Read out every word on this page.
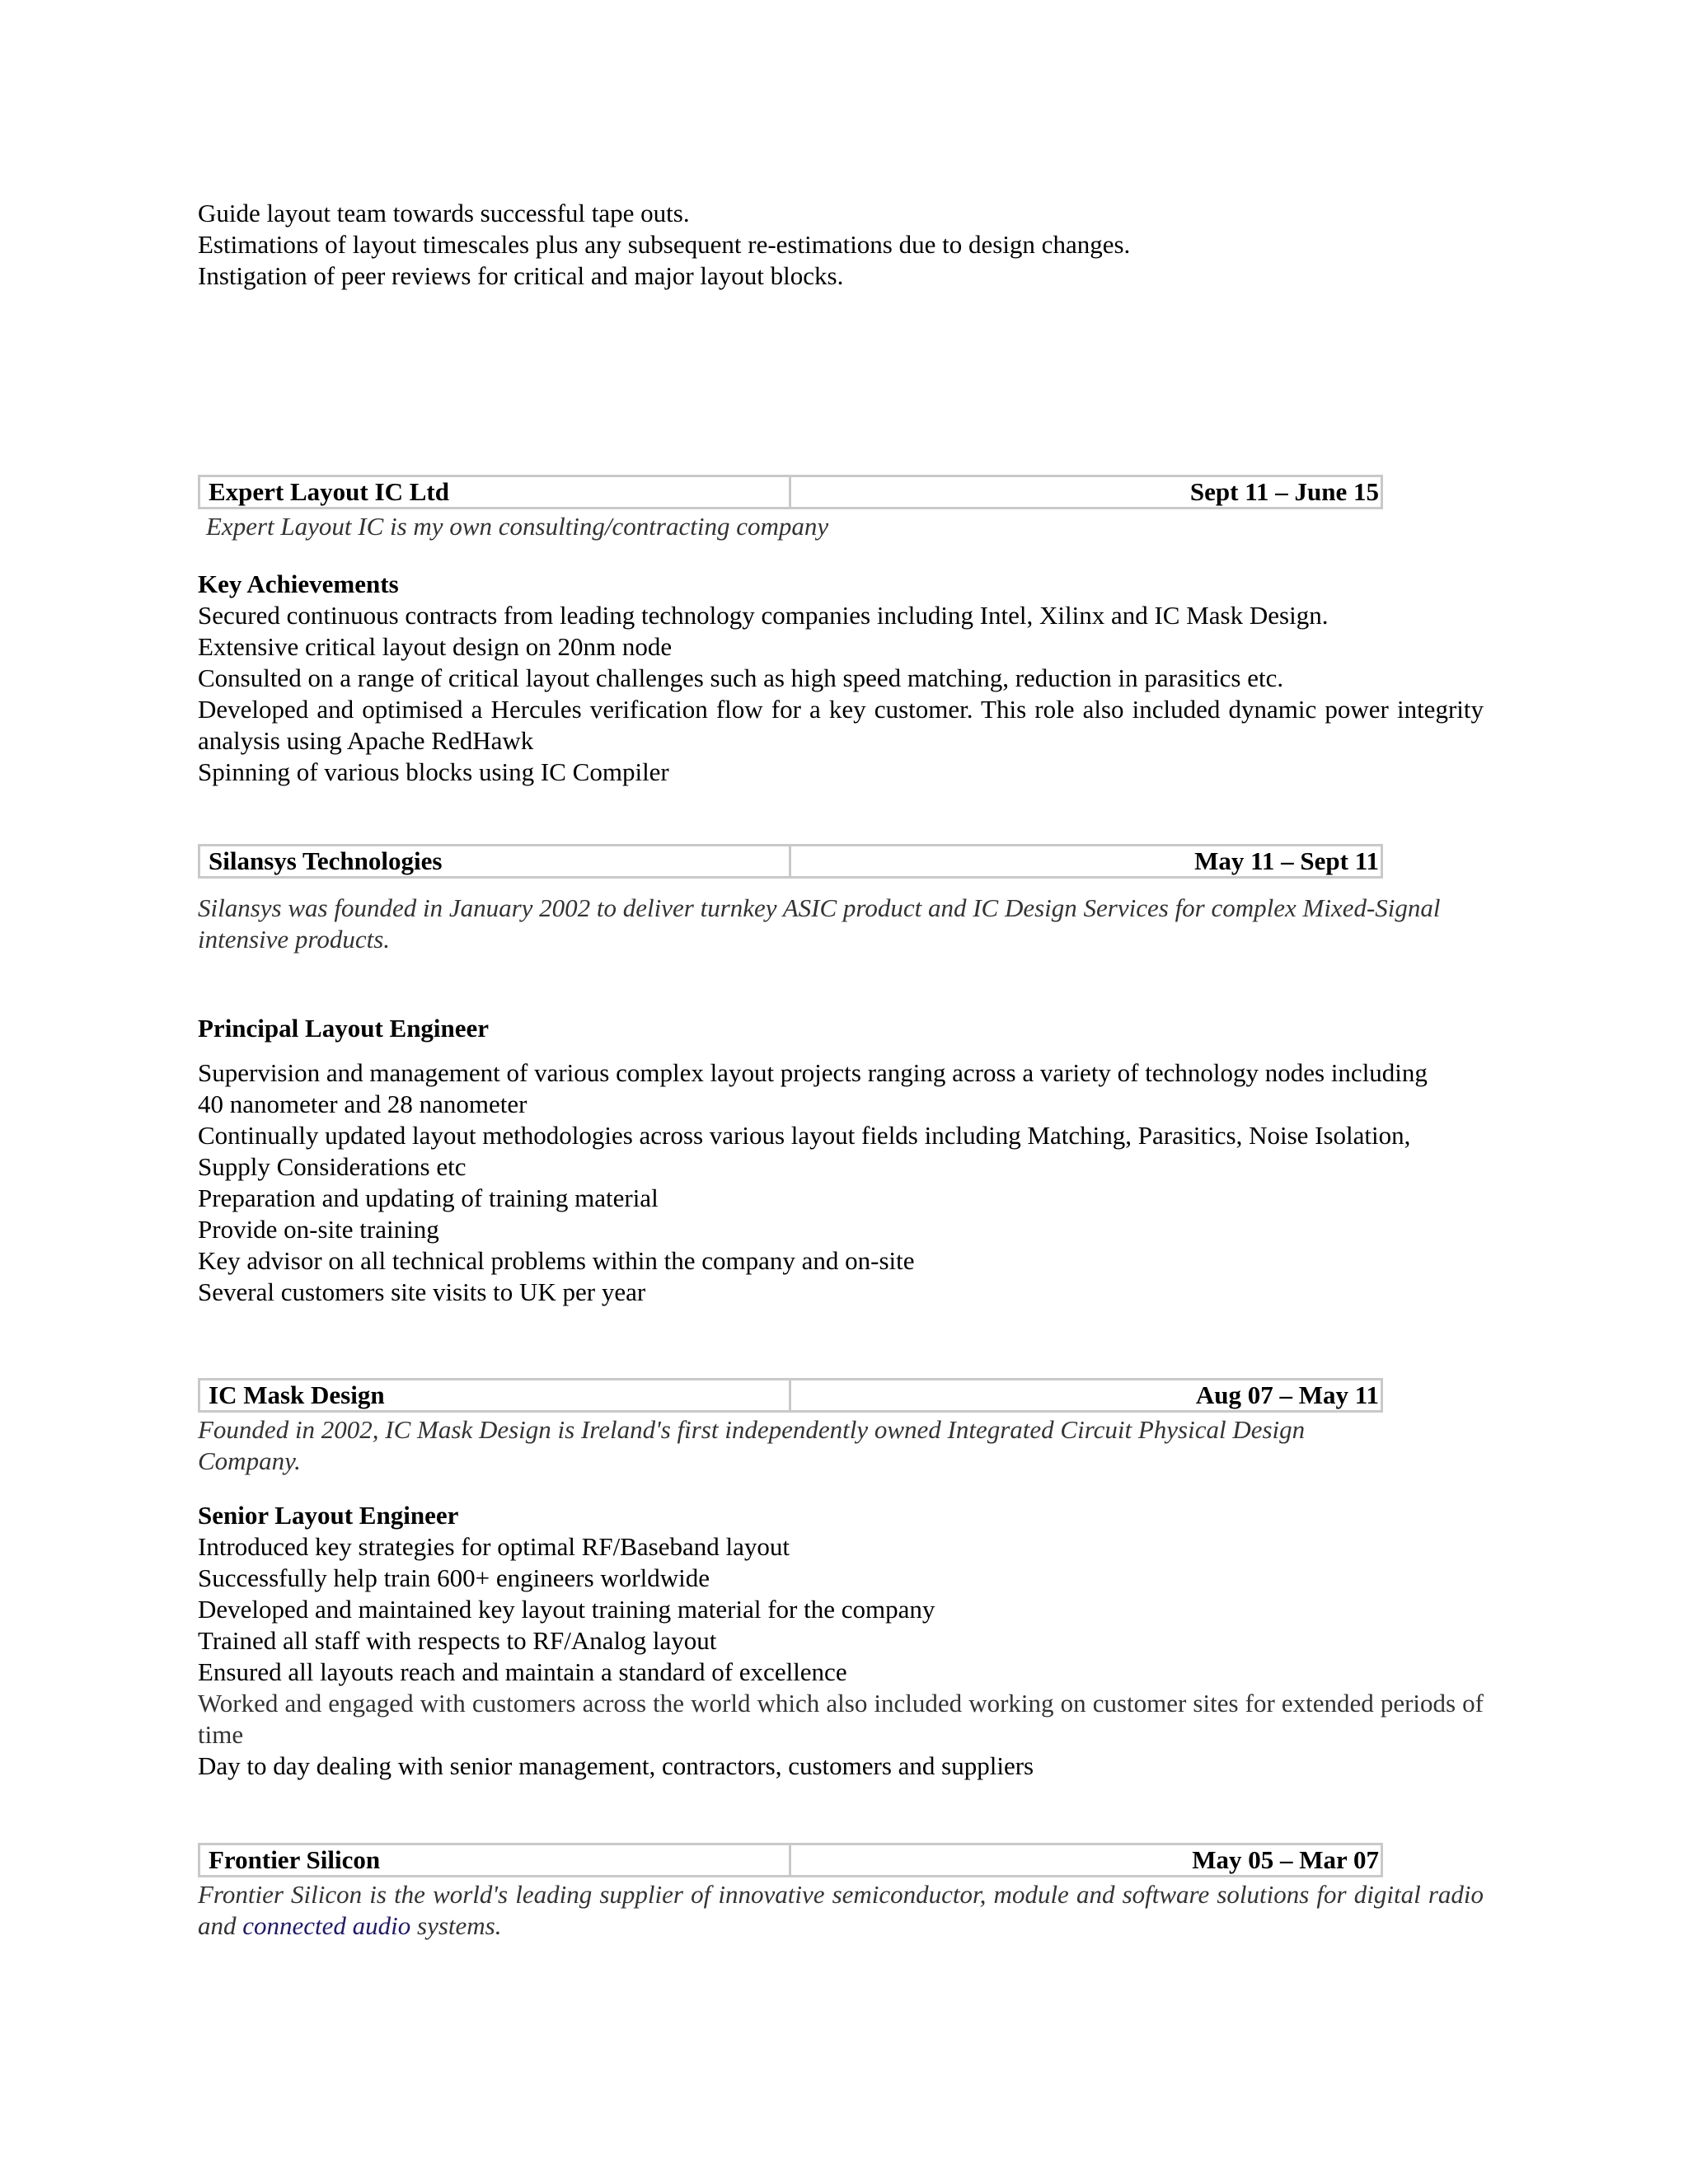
Guide layout team towards successful tape outs.
Estimations of layout timescales plus any subsequent re-estimations due to design changes.
Instigation of peer reviews for critical and major layout blocks.
Expert Layout IC Ltd	Sept 11 – June 15
Expert Layout IC is my own consulting/contracting company
Key Achievements
Secured continuous contracts from leading technology companies including Intel, Xilinx and IC Mask Design.
Extensive critical layout design on 20nm node
Consulted on a range of critical layout challenges such as high speed matching, reduction in parasitics etc.
Developed and optimised a Hercules verification flow for a key customer. This role also included dynamic power integrity analysis using Apache RedHawk
Spinning of various blocks using IC Compiler
Silansys Technologies	May 11 – Sept 11
Silansys was founded in January 2002 to deliver turnkey ASIC product and IC Design Services for complex Mixed-Signal intensive products.
Principal Layout Engineer
Supervision and management of various complex layout projects ranging across a variety of technology nodes including 40 nanometer and 28 nanometer
Continually updated layout methodologies across various layout fields including Matching, Parasitics, Noise Isolation, Supply Considerations etc
Preparation and updating of training material
Provide on-site training
Key advisor on all technical problems within the company and on-site
Several customers site visits to UK per year
IC Mask Design	Aug 07 – May 11
Founded in 2002, IC Mask Design is Ireland's first independently owned Integrated Circuit Physical Design Company.
Senior Layout Engineer
Introduced key strategies for optimal RF/Baseband layout
Successfully help train 600+ engineers worldwide
Developed and maintained key layout training material for the company
Trained all staff with respects to RF/Analog layout
Ensured all layouts reach and maintain a standard of excellence
Worked and engaged with customers across the world which also included working on customer sites for extended periods of time
Day to day dealing with senior management, contractors, customers and suppliers
Frontier Silicon	May 05 – Mar 07
Frontier Silicon is the world's leading supplier of innovative semiconductor, module and software solutions for digital radio and connected audio systems.
